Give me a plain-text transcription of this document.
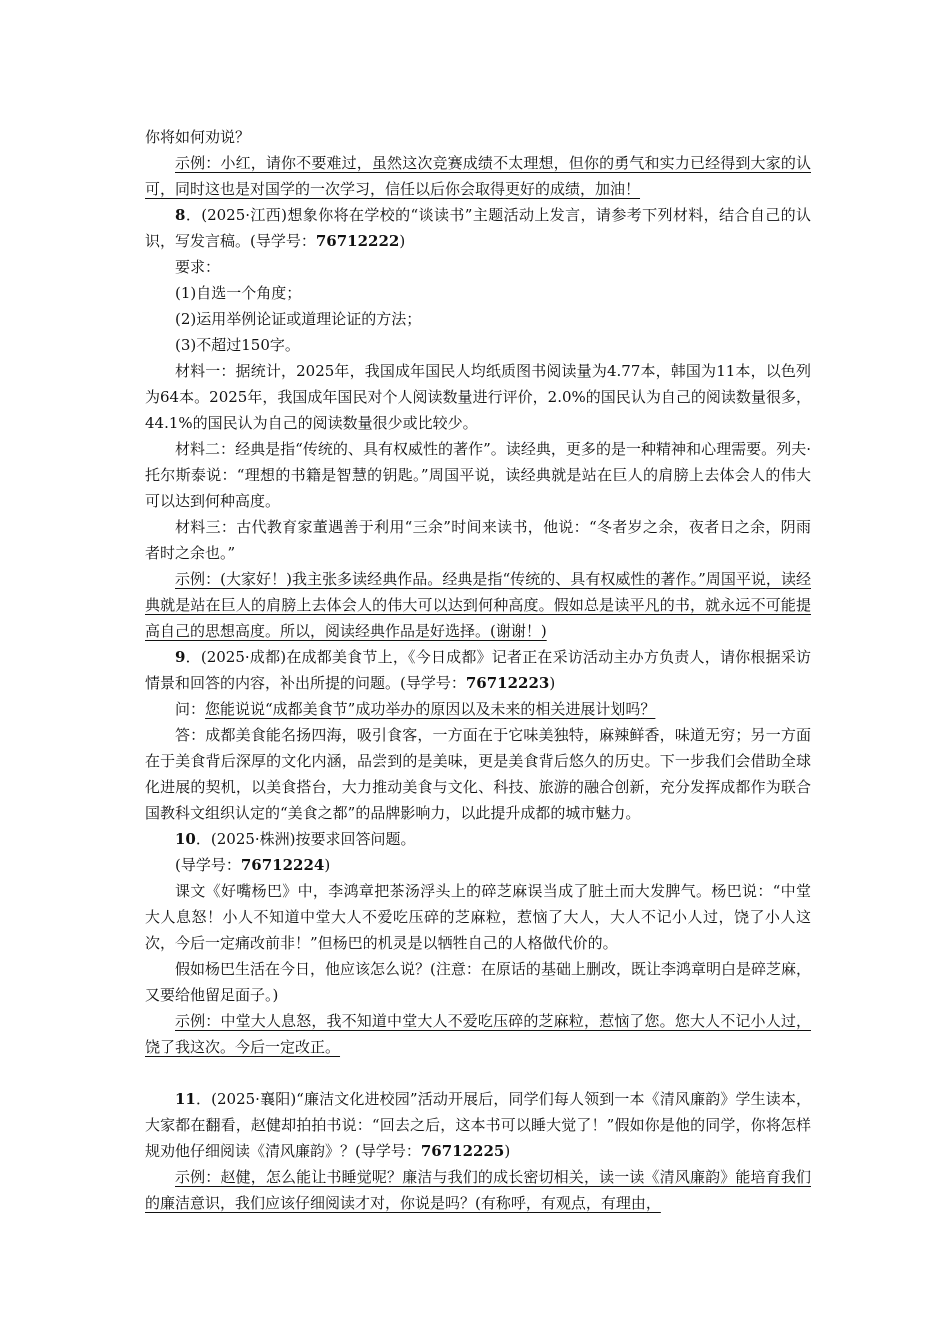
你将如何劝说？

示例：小红，请你不要难过，虽然这次竞赛成绩不太理想，但你的勇气和实力已经得到大家的认可，同时这也是对国学的一次学习，信任以后你会取得更好的成绩，加油！

8．(2025·江西)想象你将在学校的“谈读书”主题活动上发言，请参考下列材料，结合自己的认识，写发言稿。(导学号：76712222)

要求：

(1)自选一个角度；

(2)运用举例论证或道理论证的方法；

(3)不超过150字。

材料一：据统计，2025年，我国成年国民人均纸质图书阅读量为4.77本，韩国为11本，以色列为64本。2025年，我国成年国民对个人阅读数量进行评价，2.0%的国民认为自己的阅读数量很多，44.1%的国民认为自己的阅读数量很少或比较少。

材料二：经典是指“传统的、具有权威性的著作”。读经典，更多的是一种精神和心理需要。列夫·托尔斯泰说：“理想的书籍是智慧的钥匙。”周国平说，读经典就是站在巨人的肩膀上去体会人的伟大可以达到何种高度。

材料三：古代教育家董遇善于利用“三余”时间来读书，他说：“冬者岁之余，夜者日之余，阴雨者时之余也。”

示例：(大家好！)我主张多读经典作品。经典是指“传统的、具有权威性的著作。”周国平说，读经典就是站在巨人的肩膀上去体会人的伟大可以达到何种高度。假如总是读平凡的书，就永远不可能提高自己的思想高度。所以，阅读经典作品是好选择。(谢谢！)

9．(2025·成都)在成都美食节上，《今日成都》记者正在采访活动主办方负责人，请你根据采访情景和回答的内容，补出所提的问题。(导学号：76712223)

问：您能说说“成都美食节”成功举办的原因以及未来的相关进展计划吗？

答：成都美食能名扬四海，吸引食客，一方面在于它味美独特，麻辣鲜香，味道无穷；另一方面在于美食背后深厚的文化内涵，品尝到的是美味，更是美食背后悠久的历史。下一步我们会借助全球化进展的契机，以美食搭台，大力推动美食与文化、科技、旅游的融合创新，充分发挥成都作为联合国教科文组织认定的“美食之都”的品牌影响力，以此提升成都的城市魅力。

10．(2025·株洲)按要求回答问题。

(导学号：76712224)

课文《好嘴杨巴》中，李鸿章把茶汤浮头上的碎芝麻误当成了脏土而大发脾气。杨巴说：“中堂大人息怒！小人不知道中堂大人不爱吃压碎的芝麻粒，惹恼了大人，大人不记小人过，饶了小人这次，今后一定痛改前非！”但杨巴的机灵是以牺牲自己的人格做代价的。

假如杨巴生活在今日，他应该怎么说？(注意：在原话的基础上删改，既让李鸿章明白是碎芝麻，又要给他留足面子。)

示例：中堂大人息怒，我不知道中堂大人不爱吃压碎的芝麻粒，惹恼了您。您大人不记小人过，饶了我这次。今后一定改正。

11．(2025·襄阳)“廉洁文化进校园”活动开展后，同学们每人领到一本《清风廉韵》学生读本，大家都在翻看，赵健却拍拍书说：“回去之后，这本书可以睡大觉了！”假如你是他的同学，你将怎样规劝他仔细阅读《清风廉韵》？(导学号：76712225)

示例：赵健，怎么能让书睡觉呢？廉洁与我们的成长密切相关，读一读《清风廉韵》能培育我们的廉洁意识，我们应该仔细阅读才对，你说是吗？(有称呼，有观点，有理由，
